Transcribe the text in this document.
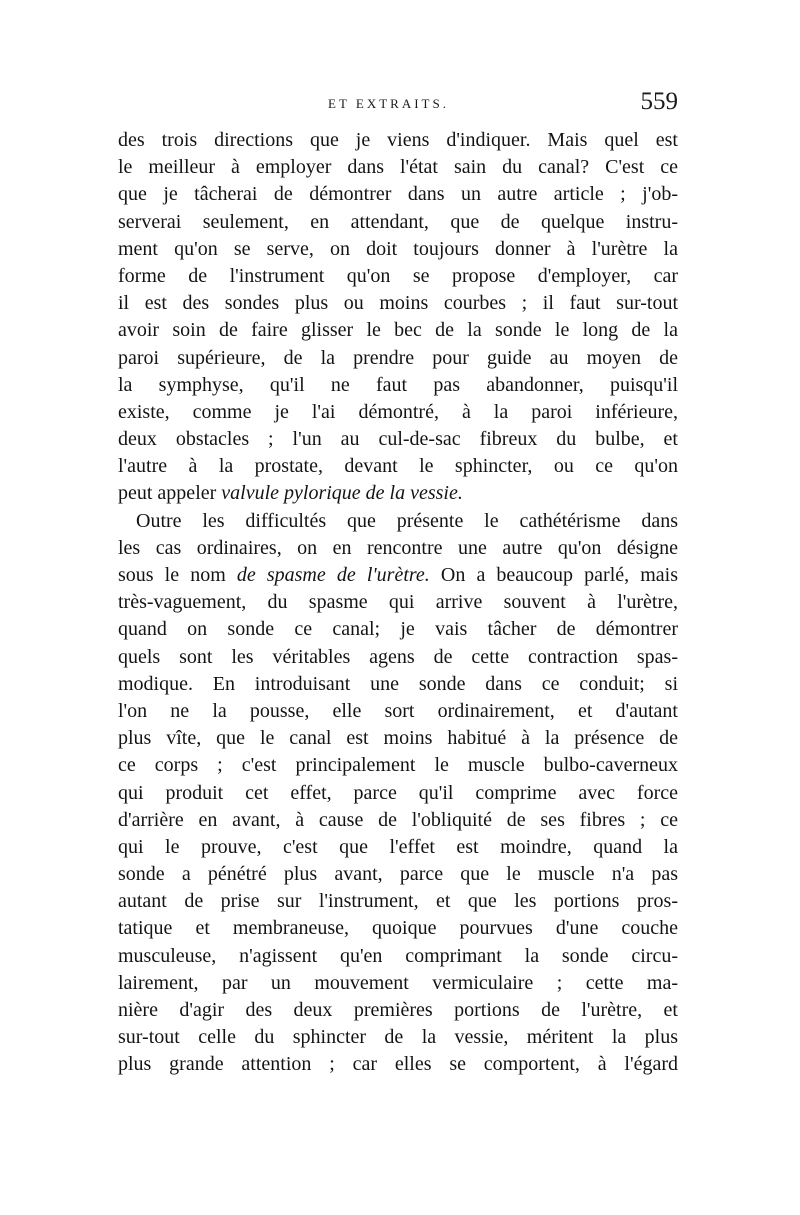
ET EXTRAITS.	559
des trois directions que je viens d'indiquer. Mais quel est
le meilleur à employer dans l'état sain du canal? C'est ce
que je tâcherai de démontrer dans un autre article ; j'ob-
serverai seulement, en attendant, que de quelque instru-
ment qu'on se serve, on doit toujours donner à l'urètre la
forme de l'instrument qu'on se propose d'employer, car
il est des sondes plus ou moins courbes ; il faut sur-tout
avoir soin de faire glisser le bec de la sonde le long de la
paroi supérieure, de la prendre pour guide au moyen de
la symphyse, qu'il ne faut pas abandonner, puisqu'il
existe, comme je l'ai démontré, à la paroi inférieure,
deux obstacles ; l'un au cul-de-sac fibreux du bulbe, et
l'autre à la prostate, devant le sphincter, ou ce qu'on
peut appeler valvule pylorique de la vessie.
Outre les difficultés que présente le cathétérisme dans
les cas ordinaires, on en rencontre une autre qu'on désigne
sous le nom de spasme de l'urètre. On a beaucoup parlé, mais
très-vaguement, du spasme qui arrive souvent à l'urètre,
quand on sonde ce canal; je vais tâcher de démontrer
quels sont les véritables agens de cette contraction spas-
modique. En introduisant une sonde dans ce conduit; si
l'on ne la pousse, elle sort ordinairement, et d'autant
plus vîte, que le canal est moins habitué à la présence de
ce corps ; c'est principalement le muscle bulbo-caverneux
qui produit cet effet, parce qu'il comprime avec force
d'arrière en avant, à cause de l'obliquité de ses fibres ; ce
qui le prouve, c'est que l'effet est moindre, quand la
sonde a pénétré plus avant, parce que le muscle n'a pas
autant de prise sur l'instrument, et que les portions pros-
tatique et membraneuse, quoique pourvues d'une couche
musculeuse, n'agissent qu'en comprimant la sonde circu-
lairement, par un mouvement vermiculaire ; cette ma-
nière d'agir des deux premières portions de l'urètre, et
sur-tout celle du sphincter de la vessie, méritent la plus
plus grande attention ; car elles se comportent, à l'égard
